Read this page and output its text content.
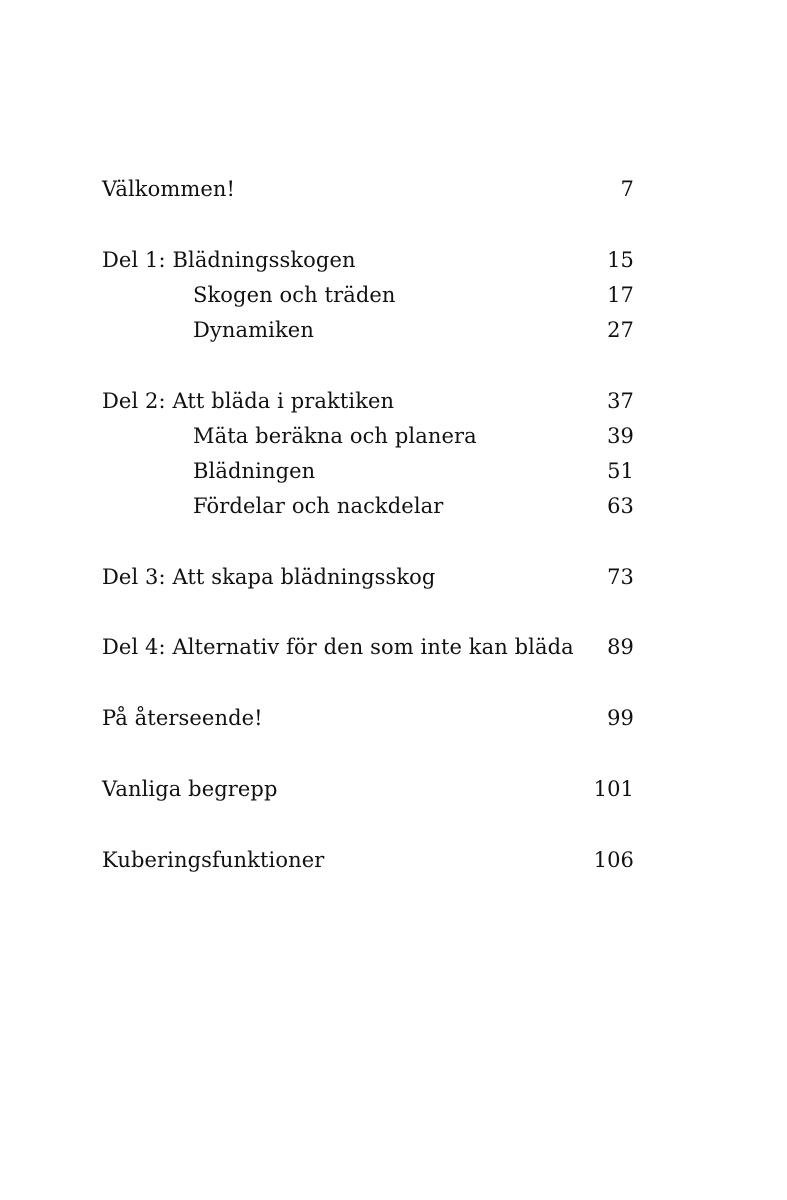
Välkommen!	7
Del 1: Blädningsskogen	15
Skogen och träden	17
Dynamiken	27
Del 2: Att bläda i praktiken	37
Mäta beräkna och planera	39
Blädningen	51
Fördelar och nackdelar	63
Del 3: Att skapa blädningsskog	73
Del 4: Alternativ för den som inte kan bläda 89
På återseende!	99
Vanliga begrepp	101
Kuberingsfunktioner	106
